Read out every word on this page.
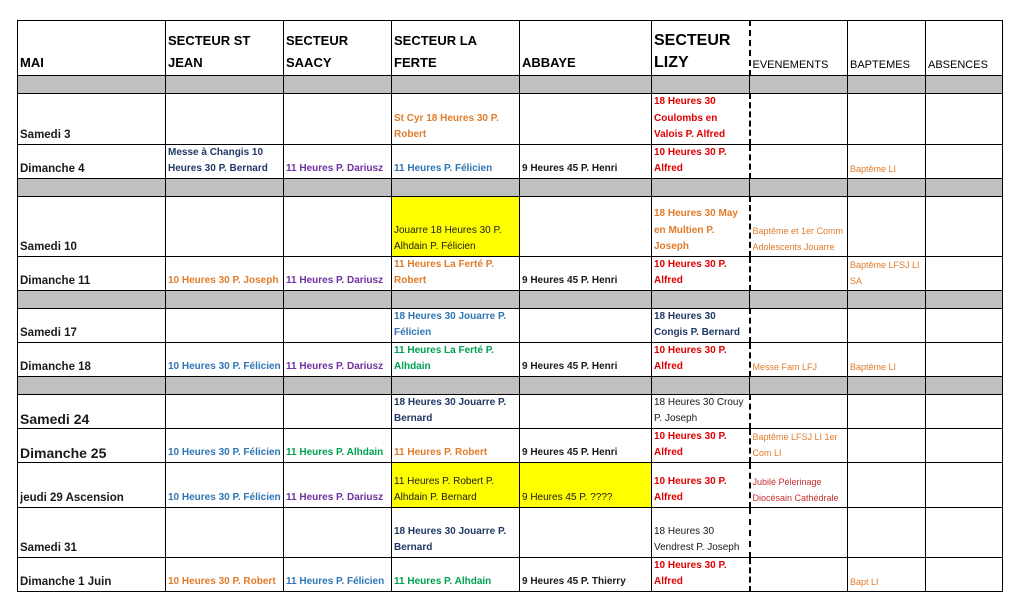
MAI	SECTEUR ST JEAN	SECTEUR SAACY	SECTEUR LA FERTE	ABBAYE	SECTEUR LIZY	EVENEMENTS	BAPTEMES	ABSENCES

Samedi 3			St Cyr 18 Heures 30 P. Robert		18 Heures 30 Coulombs en Valois P. Alfred			
Dimanche 4	Messe à Changis 10 Heures 30 P. Bernard	11 Heures P. Dariusz	11 Heures P. Félicien	9 Heures 45 P. Henri	10 Heures 30 P. Alfred		Baptême LI	

Samedi 10			Jouarre 18 Heures 30 P. Alhdain P. Félicien		18 Heures 30 May en Multien P. Joseph	Baptême et 1er Comm Adolescents Jouarre		
Dimanche 11	10 Heures 30 P. Joseph	11 Heures P. Dariusz	11 Heures La Ferté P. Robert	9 Heures 45 P. Henri	10 Heures 30 P. Alfred		Baptême LFSJ LI SA	

Samedi 17			18 Heures 30 Jouarre P. Félicien		18 Heures 30 Congis P. Bernard			
Dimanche 18	10 Heures 30 P. Félicien	11 Heures P. Dariusz	11 Heures La Ferté P. Alhdain	9 Heures 45 P. Henri	10 Heures 30 P. Alfred	Messe Fam LFJ	Baptême LI	

Samedi 24			18 Heures 30 Jouarre P. Bernard		18 Heures 30 Crouy P. Joseph			
Dimanche 25	10 Heures 30 P. Félicien	11 Heures P. Alhdain	11 Heures P. Robert	9 Heures 45 P. Henri	10 Heures 30 P. Alfred	Baptême LFSJ LI 1er Com LI		
jeudi 29 Ascension	10 Heures 30 P. Félicien	11 Heures P. Dariusz	11 Heures P. Robert P. Alhdain P. Bernard	9 Heures 45 P. ????	10 Heures 30 P. Alfred	Jubilé Pélerinage Diocésain Cathédrale		
Samedi 31			18 Heures 30 Jouarre P. Bernard		18 Heures 30 Vendrest P. Joseph			
Dimanche 1 Juin	10 Heures 30 P. Robert	11 Heures P. Félicien	11 Heures P. Alhdain	9 Heures 45 P. Thierry	10 Heures 30 P. Alfred		Bapt LI	
